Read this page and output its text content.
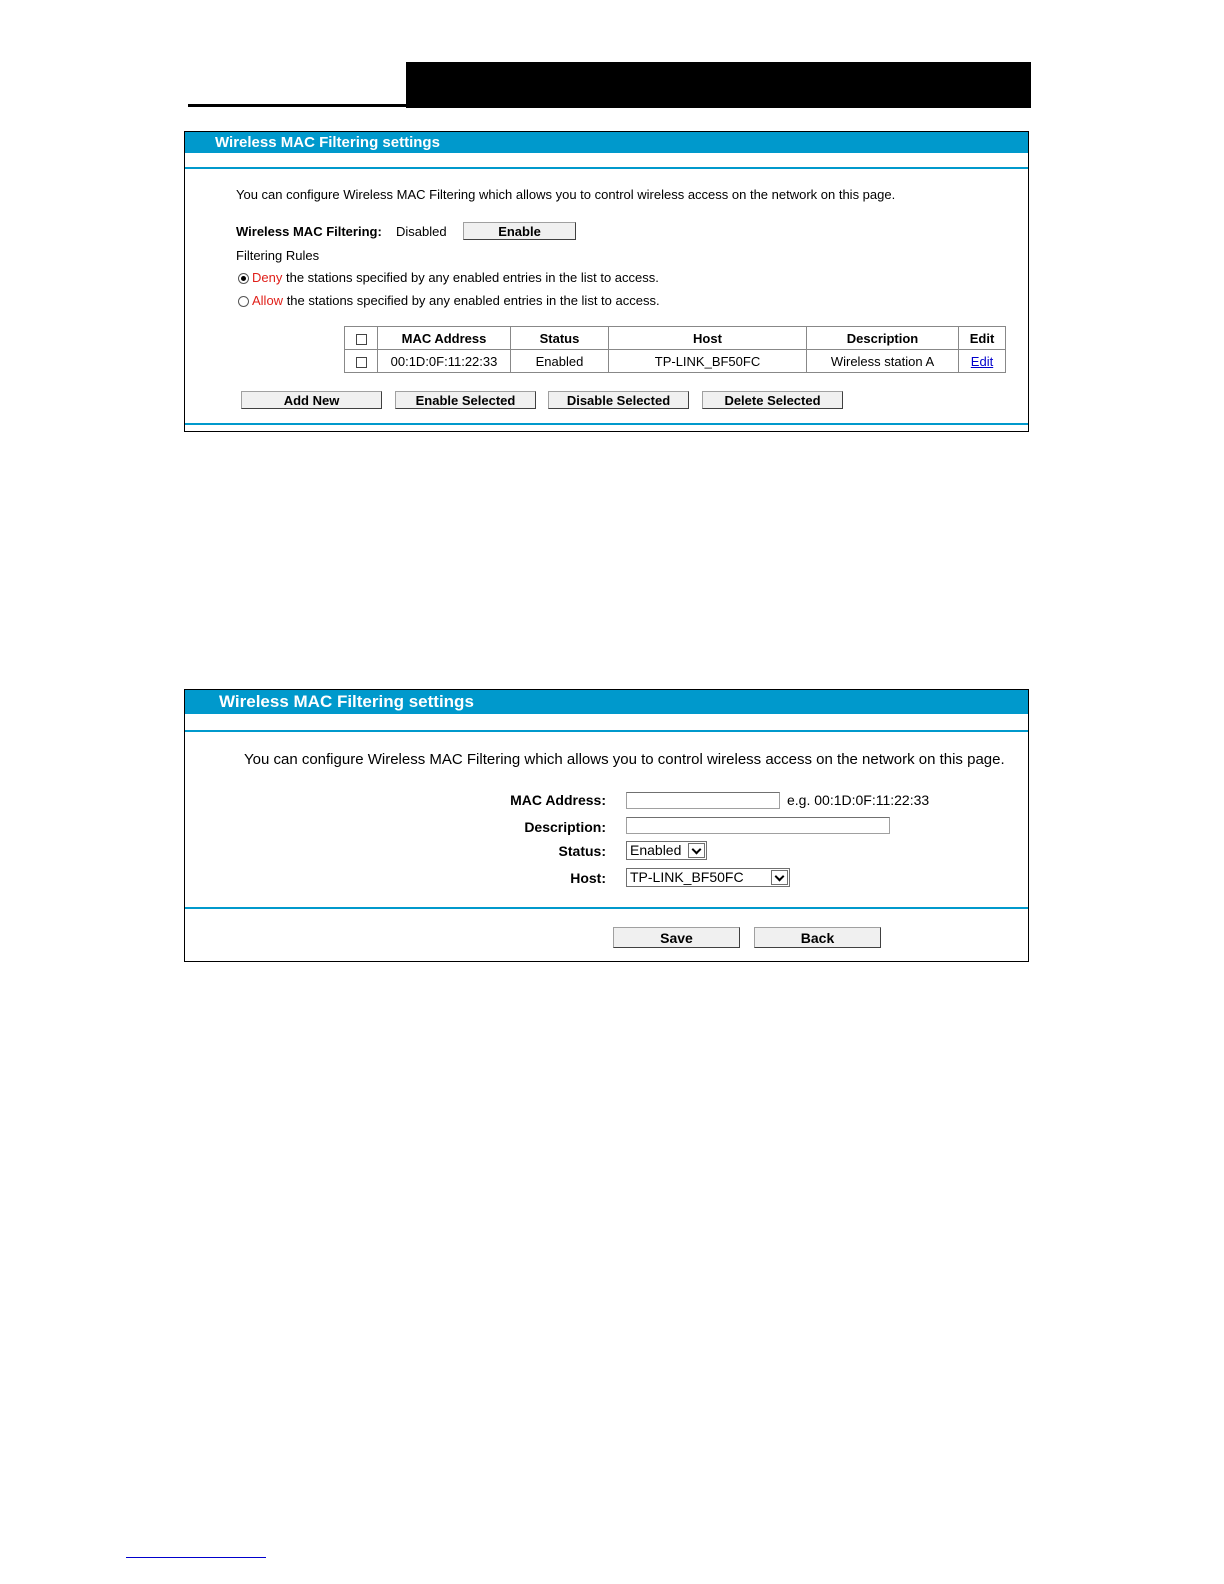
Wireless MAC Filtering settings
You can configure Wireless MAC Filtering which allows you to control wireless access on the network on this page.
Wireless MAC Filtering: Disabled	Enable
Filtering Rules
Deny the stations specified by any enabled entries in the list to access.
Allow the stations specified by any enabled entries in the list to access.
	MAC Address	Status	Host	Description	Edit
	00:1D:0F:11:22:33	Enabled	TP-LINK_BF50FC	Wireless station A	Edit
Add New	Enable Selected	Disable Selected	Delete Selected
Wireless MAC Filtering settings
You can configure Wireless MAC Filtering which allows you to control wireless access on the network on this page.
MAC Address:	e.g. 00:1D:0F:11:22:33
Description:
Status: Enabled
Host: TP-LINK_BF50FC
Save	Back
